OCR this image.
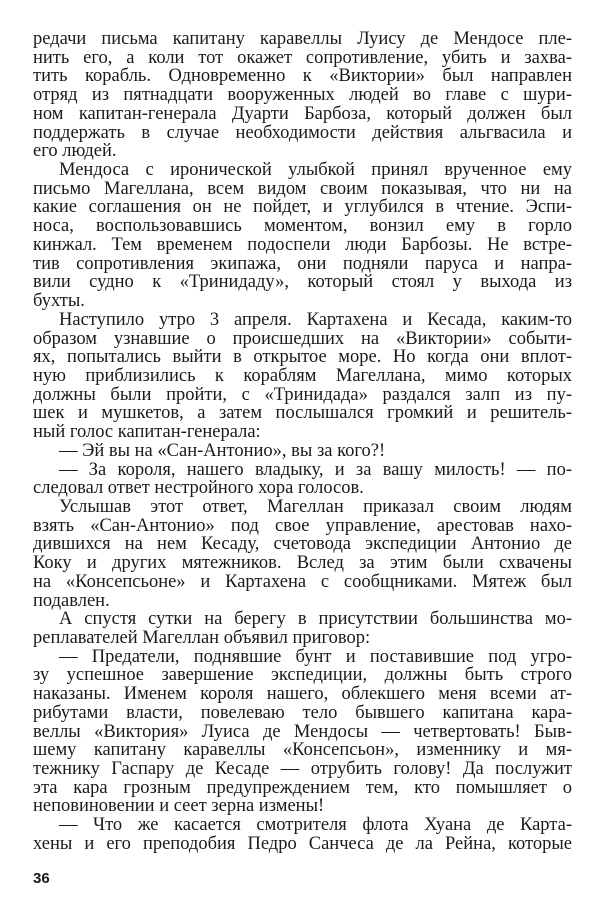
редачи письма капитану каравеллы Луису де Мендосе пле-
нить его, а коли тот окажет сопротивление, убить и захва-
тить корабль. Одновременно к «Виктории» был направлен
отряд из пятнадцати вооруженных людей во главе с шури-
ном капитан-генерала Дуарти Барбоза, который должен был
поддержать в случае необходимости действия альгвасила и
его людей.
Мендоса с иронической улыбкой принял врученное ему
письмо Магеллана, всем видом своим показывая, что ни на
какие соглашения он не пойдет, и углубился в чтение. Эспи-
носа, воспользовавшись моментом, вонзил ему в горло
кинжал. Тем временем подоспели люди Барбозы. Не встре-
тив сопротивления экипажа, они подняли паруса и напра-
вили судно к «Тринидаду», который стоял у выхода из
бухты.
Наступило утро 3 апреля. Картахена и Кесада, каким-то
образом узнавшие о происшедших на «Виктории» событи-
ях, попытались выйти в открытое море. Но когда они вплот-
ную приблизились к кораблям Магеллана, мимо которых
должны были пройти, с «Тринидада» раздался залп из пу-
шек и мушкетов, а затем послышался громкий и решитель-
ный голос капитан-генерала:
— Эй вы на «Сан-Антонио», вы за кого?!
— За короля, нашего владыку, и за вашу милость! — по-
следовал ответ нестройного хора голосов.
Услышав этот ответ, Магеллан приказал своим людям
взять «Сан-Антонио» под свое управление, арестовав нахо-
дившихся на нем Кесаду, счетовода экспедиции Антонио де
Коку и других мятежников. Вслед за этим были схвачены
на «Консепсьоне» и Картахена с сообщниками. Мятеж был
подавлен.
А спустя сутки на берегу в присутствии большинства мо-
реплавателей Магеллан объявил приговор:
— Предатели, поднявшие бунт и поставившие под угро-
зу успешное завершение экспедиции, должны быть строго
наказаны. Именем короля нашего, облекшего меня всеми ат-
рибутами власти, повелеваю тело бывшего капитана кара-
веллы «Виктория» Луиса де Мендосы — четвертовать! Быв-
шему капитану каравеллы «Консепсьон», изменнику и мя-
тежнику Гаспару де Кесаде — отрубить голову! Да послужит
эта кара грозным предупреждением тем, кто помышляет о
неповиновении и сеет зерна измены!
— Что же касается смотрителя флота Хуана де Карта-
хены и его преподобия Педро Санчеса де ла Рейна, которые
36
